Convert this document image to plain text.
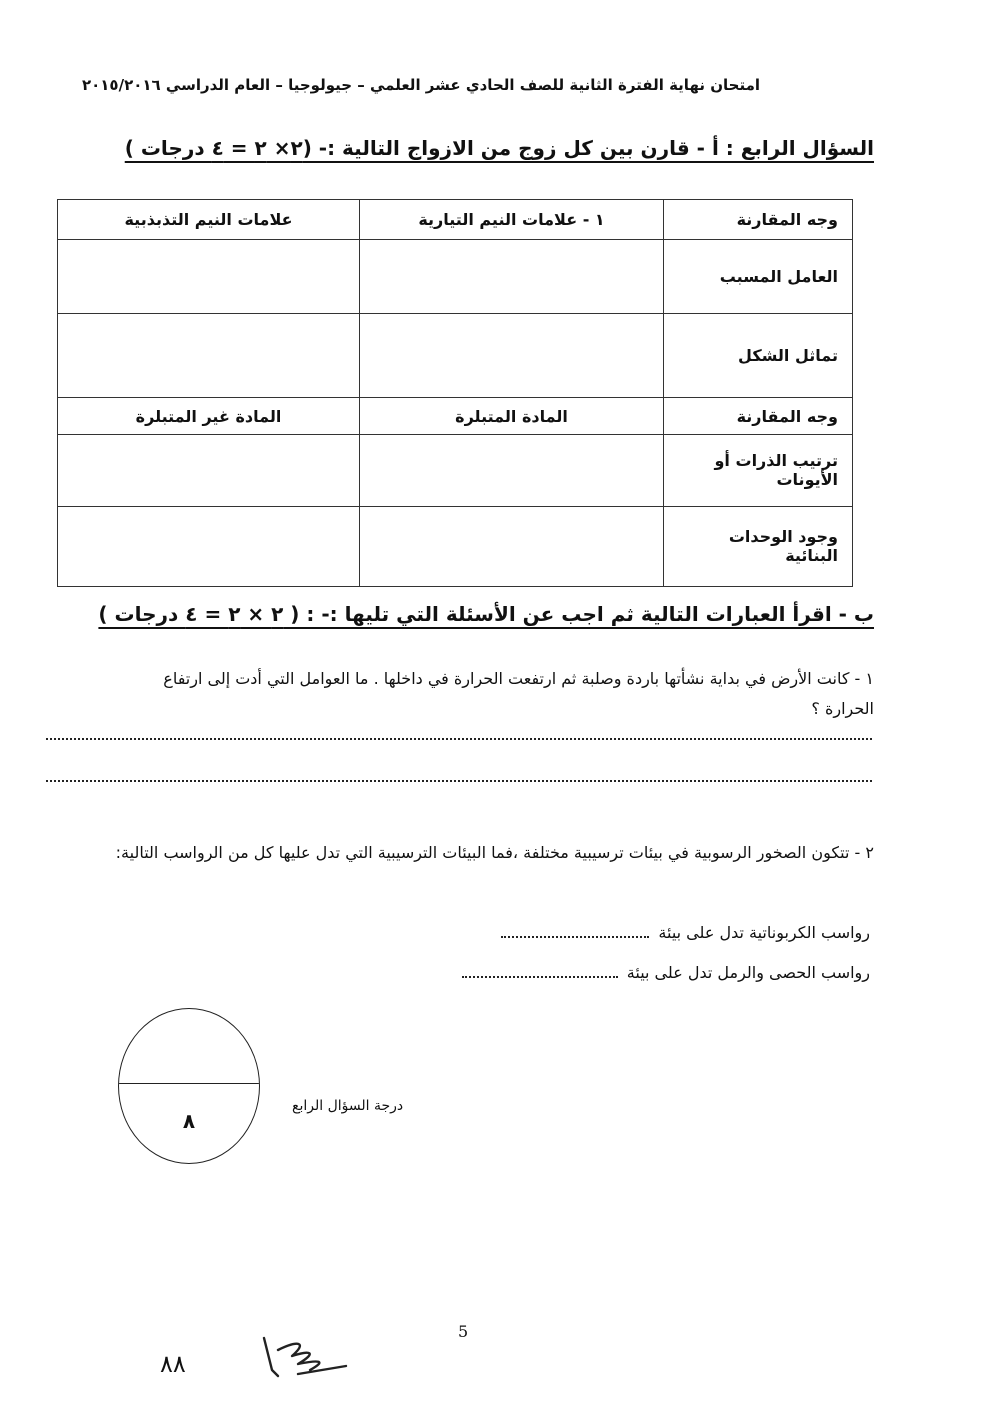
امتحان نهاية الفترة الثانية للصف الحادي عشر العلمي – جيولوجيا – العام الدراسي ٢٠١٥/٢٠١٦
السؤال الرابع : أ - قارن بين كل زوج من الازواج التالية :- (٢× ٢ = ٤ درجات )
وجه المقارنة	١ - علامات النيم التيارية	علامات النيم التذبذبية
العامل المسبب		
تماثل الشكل		
وجه المقارنة	المادة المتبلرة	المادة غير المتبلرة
ترتيب الذرات أو الأيونات		
وجود الوحدات البنائية		
ب - اقرأ العبارات التالية ثم اجب عن الأسئلة التي تليها :- : ( ٢ × ٢ = ٤ درجات )
١ - كانت الأرض في بداية نشأتها باردة وصلبة ثم ارتفعت الحرارة في داخلها . ما العوامل التي أدت إلى ارتفاع الحرارة ؟
٢ - تتكون الصخور الرسوبية في بيئات ترسيبية مختلفة ،فما البيئات الترسيبية التي تدل عليها كل من الرواسب التالية:
رواسب الكربوناتية تدل على بيئة
رواسب الحصى والرمل تدل على بيئة
٨
درجة السؤال الرابع
5
٨٨
